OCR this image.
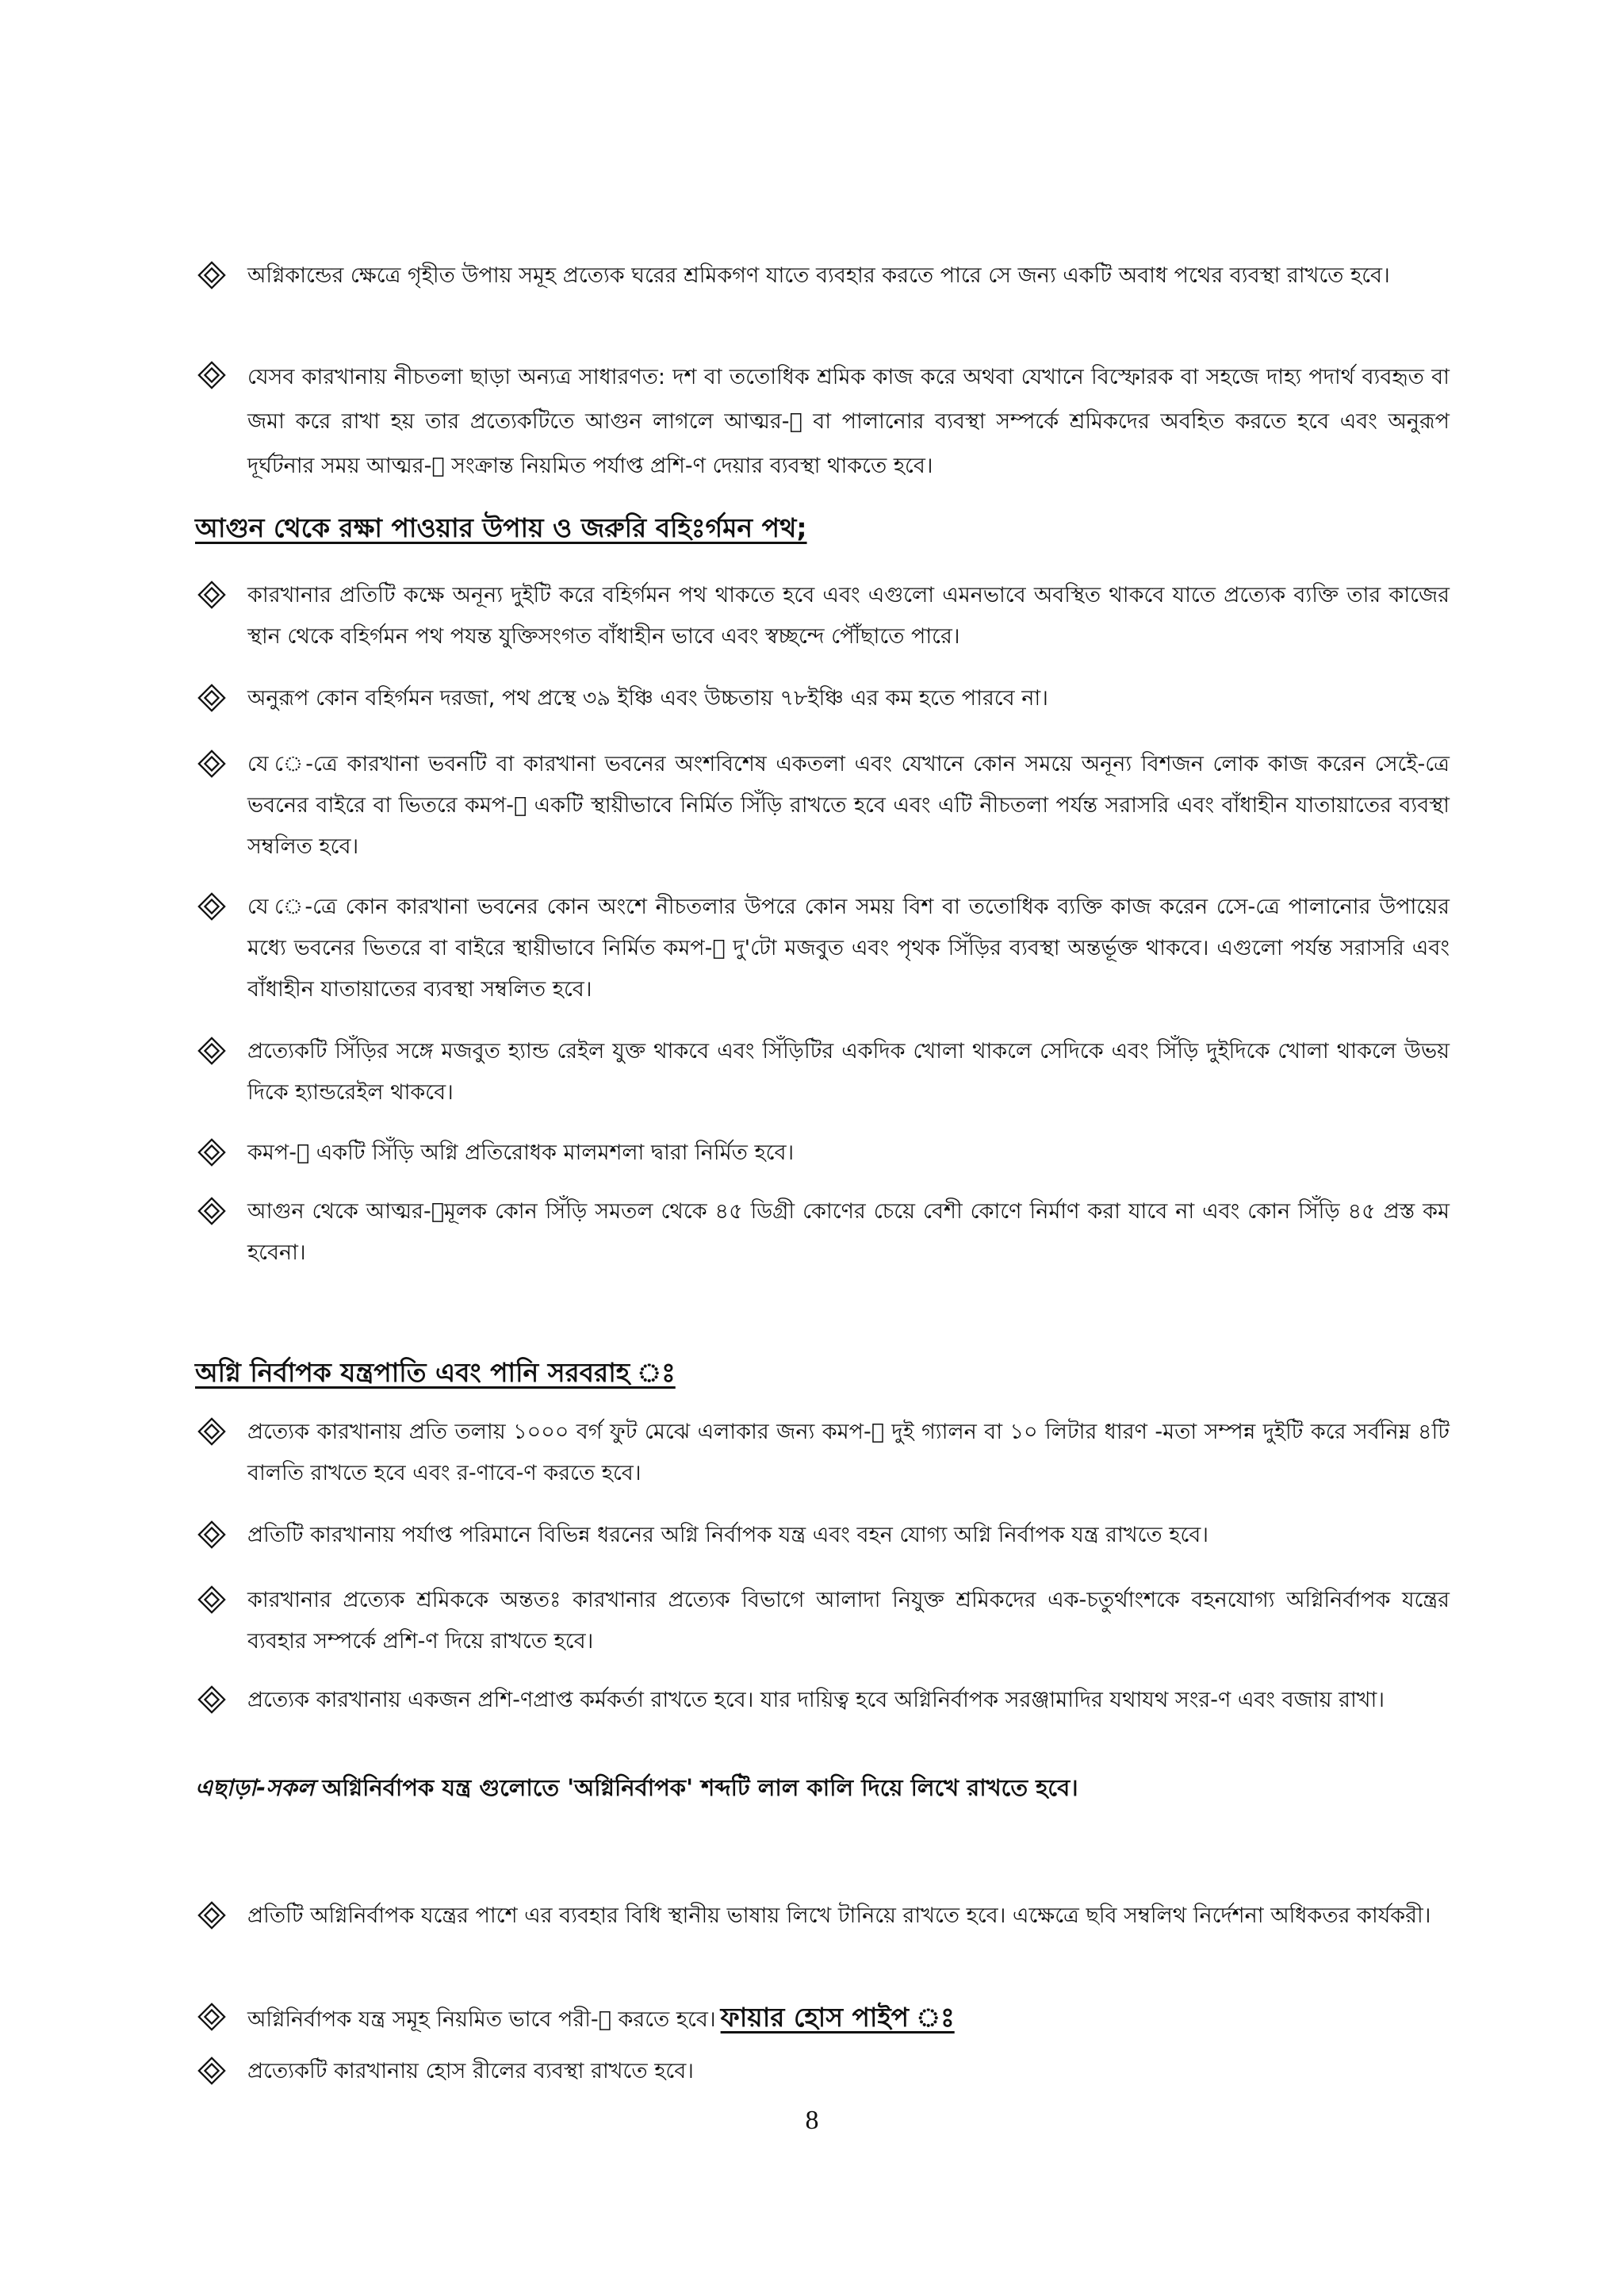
অগ্নিকান্ডের ক্ষেত্রে গৃহীত উপায় সমূহ প্রত্যেক ঘরের শ্রমিকগণ যাতে ব্যবহার করতে পারে সে জন্য একটি অবাধ পথের ব্যবস্থা রাখতে হবে।
যেসব কারখানায় নীচতলা ছাড়া অন্যত্র সাধারণত: দশ বা ততোধিক শ্রমিক কাজ করে অথবা যেখানে বিস্ফোরক বা সহজে দাহ্য পদার্থ ব্যবহৃত বা জমা করে রাখা হয় তার প্রত্যেকটিতে আগুন লাগলে আত্মর‑া বা পালানোর ব্যবস্থা সম্পর্কে শ্রমিকদের অবহিত করতে হবে এবং অনুরূপ দূর্ঘটনার সময় আত্মর‑া সংক্রান্ত নিয়মিত পর্যাপ্ত প্রশি‑ণ দেয়ার ব্যবস্থা থাকতে হবে।
আগুন থেকে রক্ষা পাওয়ার উপায় ও জরুরি বহিঃর্গমন পথ;
কারখানার প্রতিটি কক্ষে অনূন্য দুইটি করে বহির্গমন পথ থাকতে হবে এবং এগুলো এমনভাবে অবস্থিত থাকবে যাতে প্রত্যেক ব্যক্তি তার কাজের স্থান থেকে বহির্গমন পথ পযন্ত যুক্তিসংগত বাঁধাহীন ভাবে এবং স্বচ্ছন্দে পৌঁছাতে পারে।
অনুরূপ কোন বহির্গমন দরজা, পথ প্রস্থে ৩৯ ইঞ্চি এবং উচ্চতায় ৭৮ইঞ্চি এর কম হতে পারবে না।
যে ে‑ত্রে কারখানা ভবনটি বা কারখানা ভবনের অংশবিশেষ একতলা এবং যেখানে কোন সময়ে অনূন্য বিশজন লোক কাজ করেন সেইে‑ত্রে ভবনের বাইরে বা ভিতরে কমপ‑ে একটি স্থায়ীভাবে নির্মিত সিঁড়ি রাখতে হবে এবং এটি নীচতলা পর্যন্ত সরাসরি এবং বাঁধাহীন যাতায়াতের ব্যবস্থা সম্বলিত হবে।
যে ে‑ত্রে কোন কারখানা ভবনের কোন অংশে নীচতলার উপরে কোন সময় বিশ বা ততোধিক ব্যক্তি কাজ করেন সেে‑ত্রে পালানোর উপায়ের মধ্যে ভবনের ভিতরে বা বাইরে স্থায়ীভাবে নির্মিত কমপ‑ে দু'টো মজবুত এবং পৃথক সিঁড়ির ব্যবস্থা অন্তর্ভূক্ত থাকবে। এগুলো পর্যন্ত সরাসরি এবং বাঁধাহীন যাতায়াতের ব্যবস্থা সম্বলিত হবে।
প্রত্যেকটি সিঁড়ির সঙ্গে মজবুত হ্যান্ড রেইল যুক্ত থাকবে এবং সিঁড়িটির একদিক খোলা থাকলে সেদিকে এবং সিঁড়ি দুইদিকে খোলা থাকলে উভয় দিকে হ্যান্ডরেইল থাকবে।
কমপ‑ে একটি সিঁড়ি অগ্নি প্রতিরোধক মালমশলা দ্বারা নির্মিত হবে।
আগুন থেকে আত্মর‑ামূলক কোন সিঁড়ি সমতল থেকে ৪৫ ডিগ্রী কোণের চেয়ে বেশী কোণে নির্মাণ করা যাবে না এবং কোন সিঁড়ি ৪৫ প্রস্ত কম হবেনা।
অগ্নি নির্বাপক যন্ত্রপাতি এবং পানি সরবরাহ ঃ
প্রত্যেক কারখানায় প্রতি তলায় ১০০০ বর্গ ফুট মেঝে এলাকার জন্য কমপ‑ে দুই গ্যালন বা ১০ লিটার ধারণ ‑মতা সম্পন্ন দুইটি করে সর্বনিম্ন ৪টি বালতি রাখতে হবে এবং র‑ণাবে‑ণ করতে হবে।
প্রতিটি কারখানায় পর্যাপ্ত পরিমানে বিভিন্ন ধরনের অগ্নি নির্বাপক যন্ত্র এবং বহন যোগ্য অগ্নি নির্বাপক যন্ত্র রাখতে হবে।
কারখানার প্রত্যেক শ্রমিককে অন্ততঃ কারখানার প্রত্যেক বিভাগে আলাদা নিযুক্ত শ্রমিকদের এক-চতুর্থাংশকে বহনযোগ্য অগ্নিনির্বাপক যন্ত্রের ব্যবহার সম্পর্কে প্রশি‑ণ দিয়ে রাখতে হবে।
প্রত্যেক কারখানায় একজন প্রশি‑ণপ্রাপ্ত কর্মকর্তা রাখতে হবে। যার দায়িত্ব হবে অগ্নিনির্বাপক সরঞ্জামাদির যথাযথ সংর‑ণ এবং বজায় রাখা।
এছাড়া-সকল অগ্নিনির্বাপক যন্ত্র গুলোতে 'অগ্নিনির্বাপক' শব্দটি লাল কালি দিয়ে লিখে রাখতে হবে।
প্রতিটি অগ্নিনির্বাপক যন্ত্রের পাশে এর ব্যবহার বিধি স্থানীয় ভাষায় লিখে টানিয়ে রাখতে হবে। এক্ষেত্রে ছবি সম্বলিথ নির্দেশনা অধিকতর কার্যকরী।
অগ্নিনির্বাপক যন্ত্র সমূহ নিয়মিত ভাবে পরী‑া করতে হবে। ফায়ার হোস পাইপ ঃ
প্রত্যেকটি কারখানায় হোস রীলের ব্যবস্থা রাখতে হবে।
8
